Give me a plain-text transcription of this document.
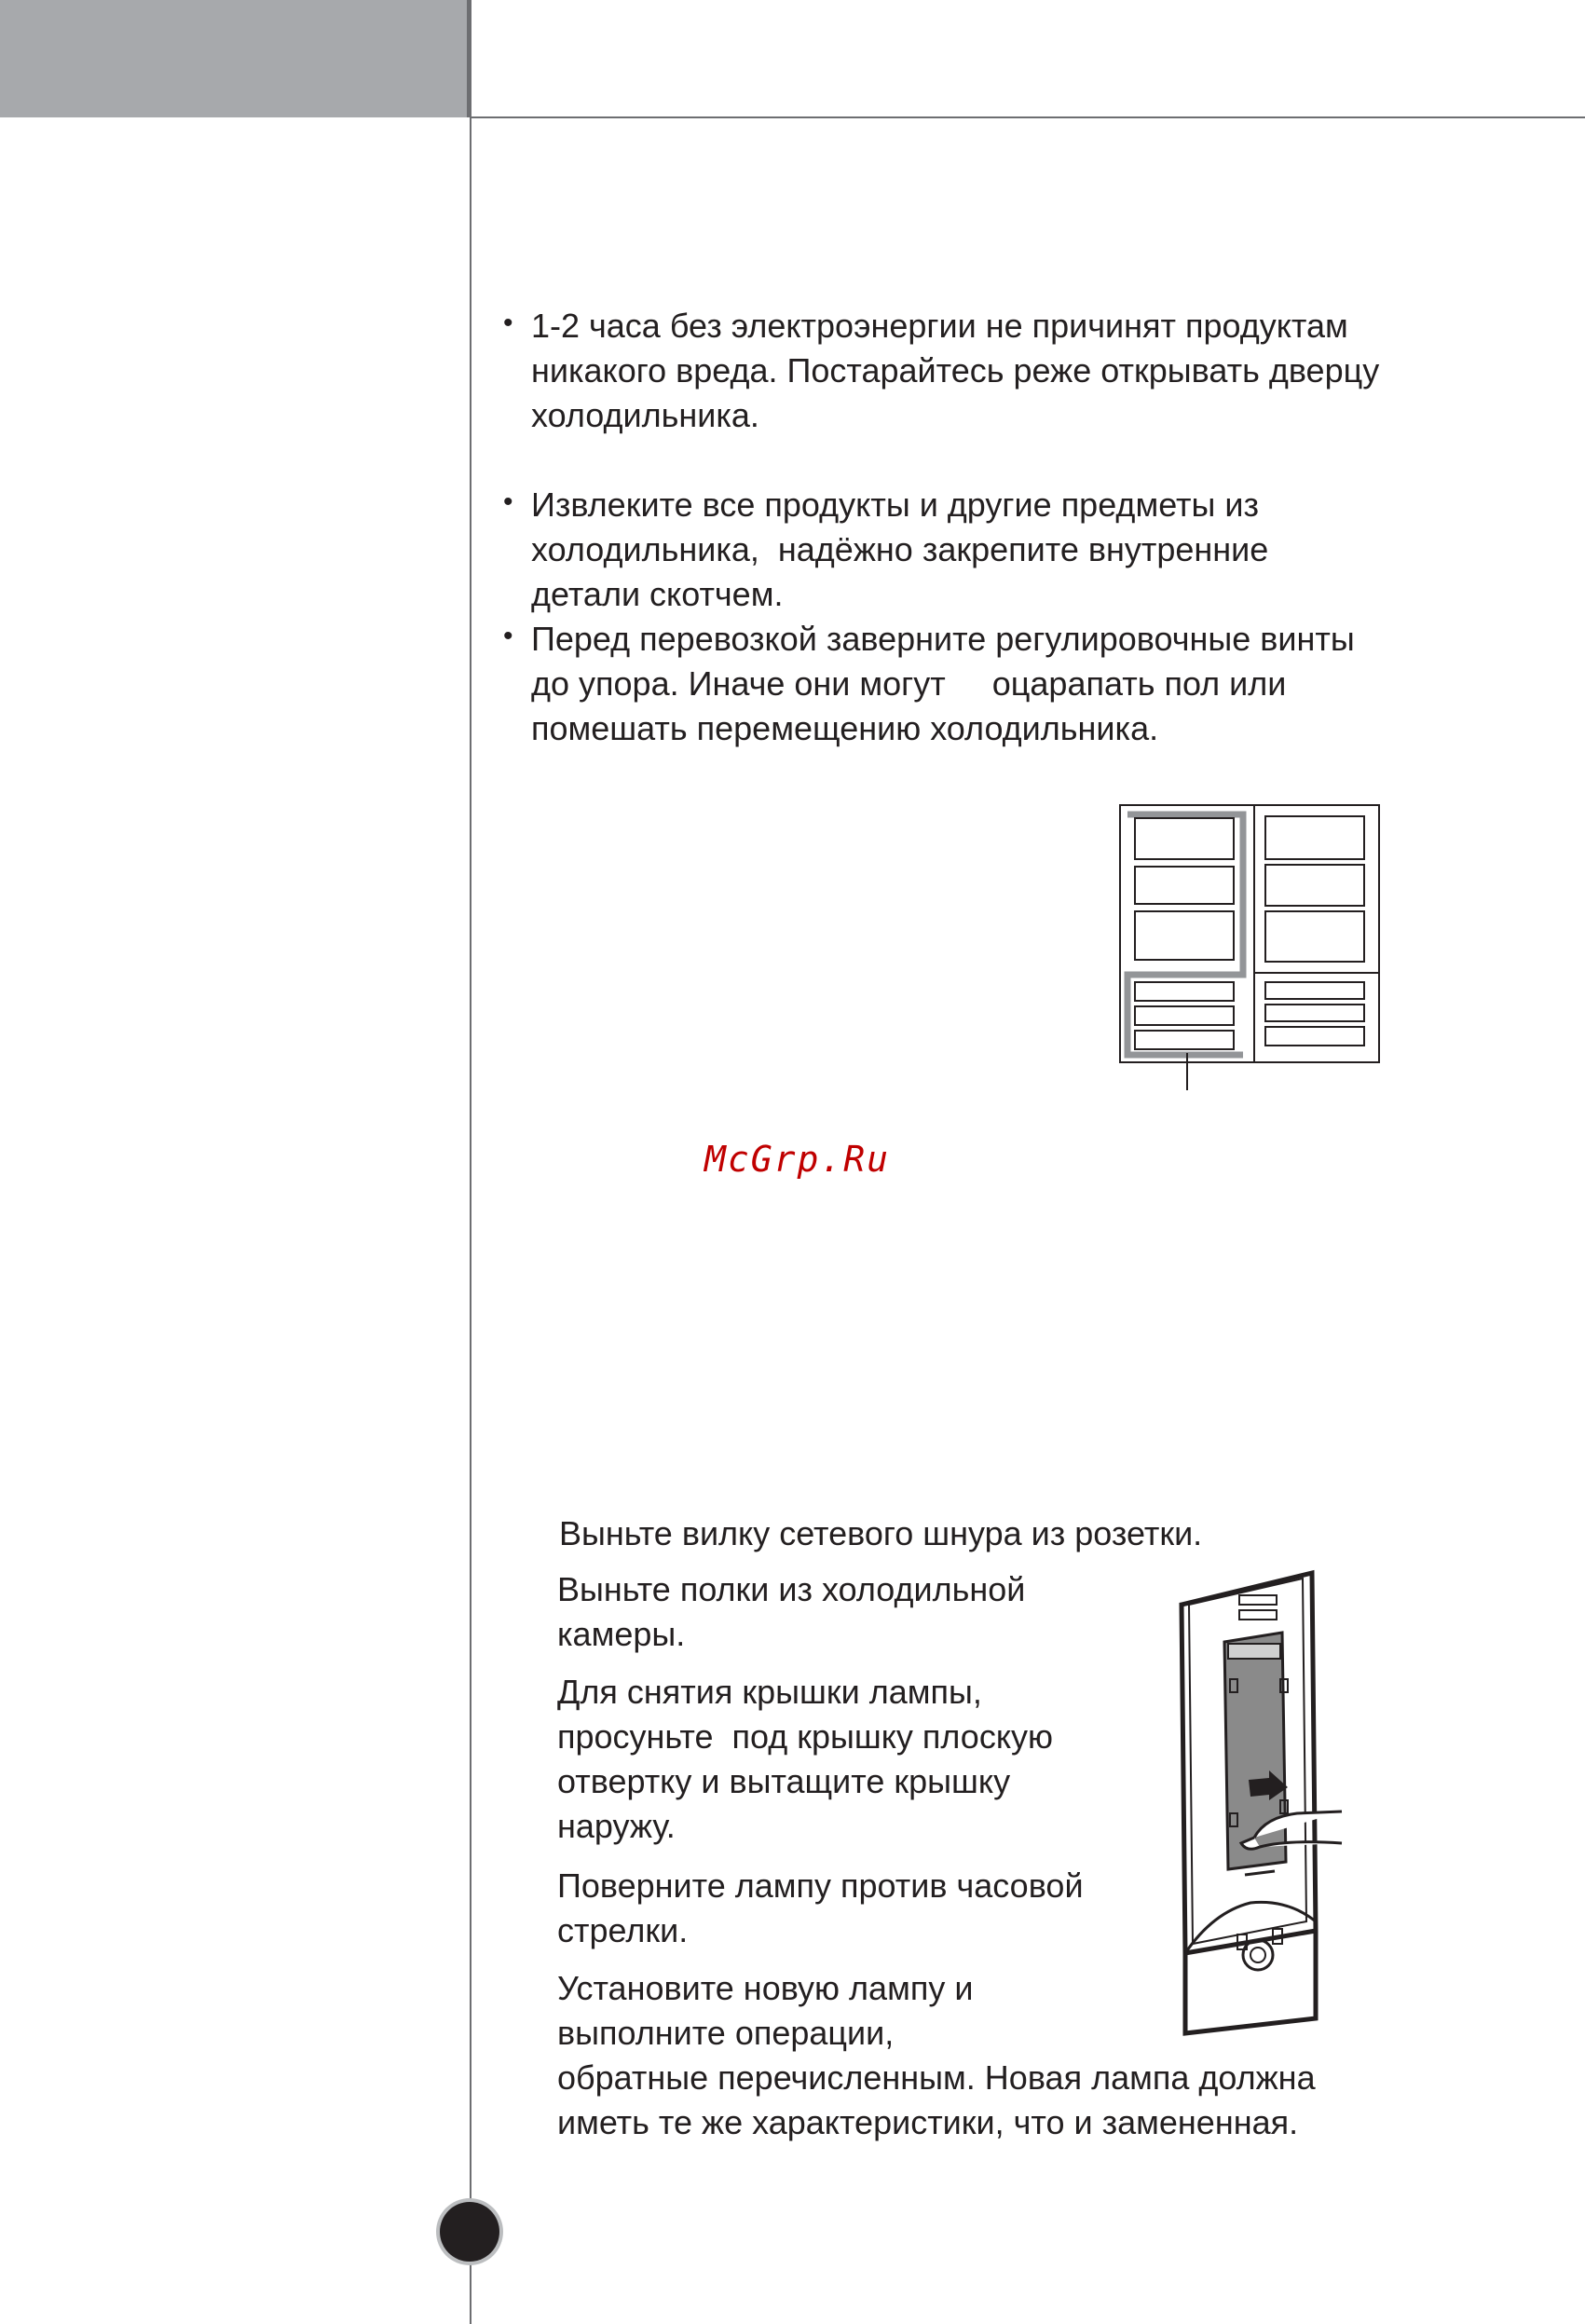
• 1-2 часа без электроэнергии не причинят продуктам

никакого вреда. Постарайтесь реже открывать дверцу

холодильника.

• Извлеките все продукты и другие предметы из

холодильника,  надёжно закрепите внутренние

детали скотчем.

• Перед перевозкой заверните регулировочные винты

до упора. Иначе они могут     оцарапать пол или

помешать перемещению холодильника.

McGrp.Ru

Выньте вилку сетевого шнура из розетки.

Выньте полки из холодильной

камеры.

Для снятия крышки лампы,

просуньте  под крышку плоскую

отвертку и вытащите крышку

наружу.

Поверните лампу против часовой

стрелки.

Установите новую лампу и

выполните операции,

обратные перечисленным. Новая лампа должна

иметь те же характеристики, что и замененная.
